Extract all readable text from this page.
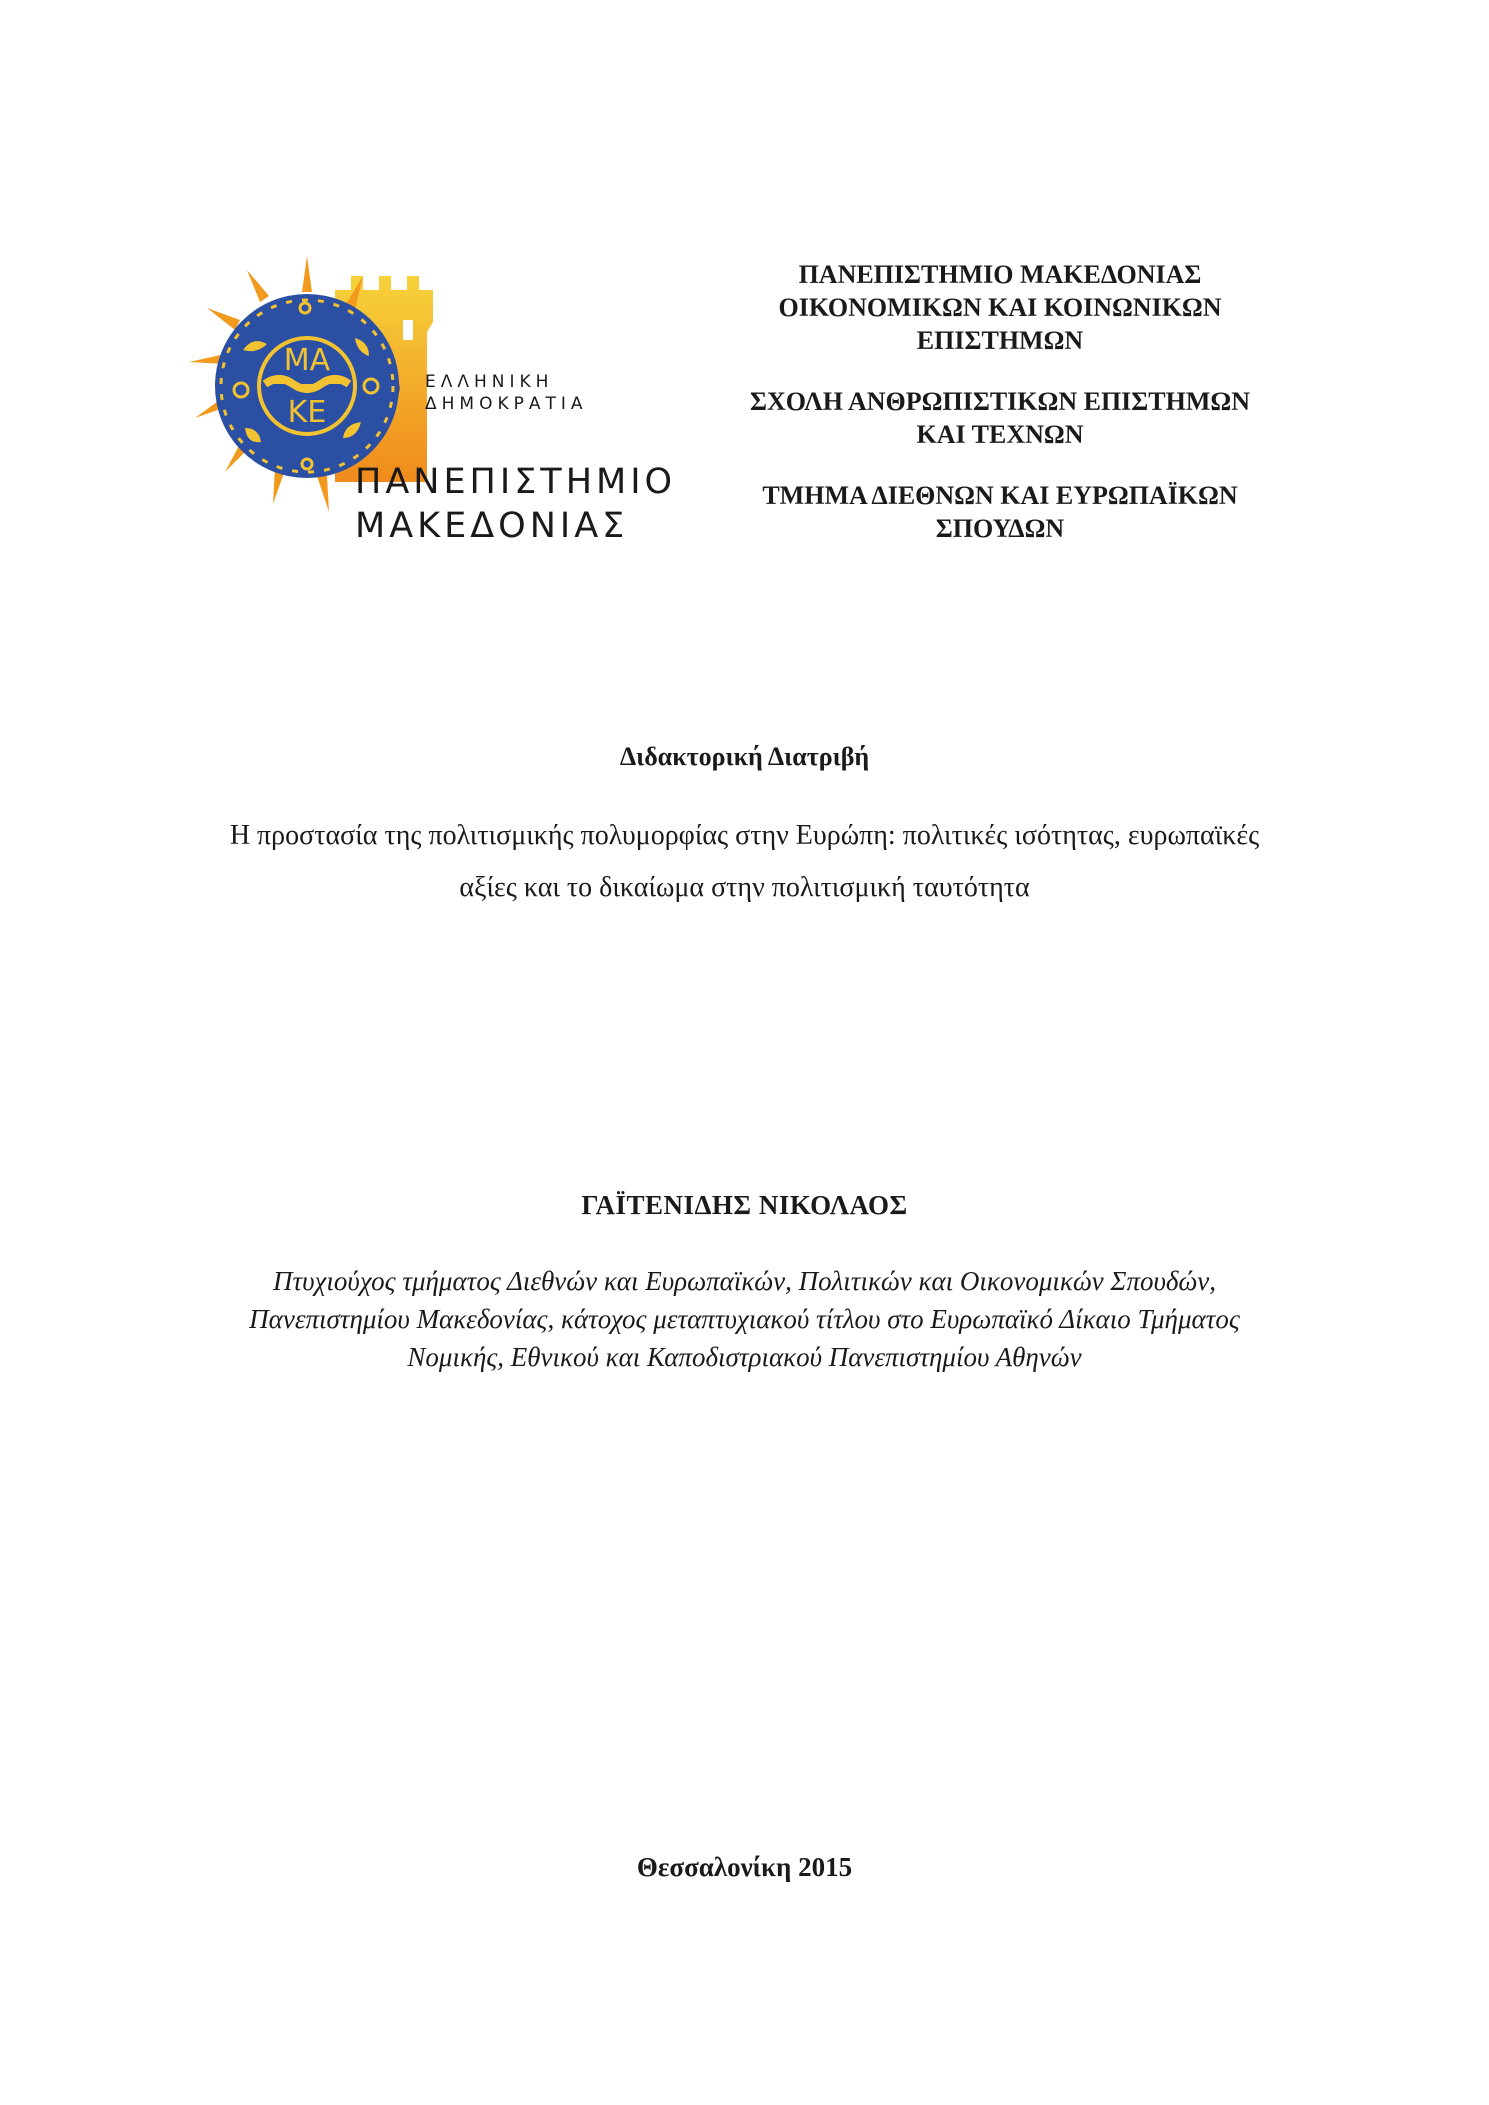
ΜΑ
ΚΕ
ΕΛΛΗΝΙΚΗ
ΔΗΜΟΚΡΑΤΙΑ
ΠΑΝΕΠΙΣΤΗΜΙΟ
ΜΑΚΕΔΟΝΙΑΣ
ΠΑΝΕΠΙΣΤΗΜΙΟ ΜΑΚΕΔΟΝΙΑΣ
ΟΙΚΟΝΟΜΙΚΩΝ ΚΑΙ ΚΟΙΝΩΝΙΚΩΝ
ΕΠΙΣΤΗΜΩΝ
ΣΧΟΛΗ ΑΝΘΡΩΠΙΣΤΙΚΩΝ ΕΠΙΣΤΗΜΩΝ
ΚΑΙ ΤΕΧΝΩΝ
ΤΜΗΜΑ ΔΙΕΘΝΩΝ ΚΑΙ ΕΥΡΩΠΑΪΚΩΝ
ΣΠΟΥΔΩΝ
Διδακτορική Διατριβή
Η προστασία της πολιτισμικής πολυμορφίας στην Ευρώπη: πολιτικές ισότητας, ευρωπαϊκές
αξίες και το δικαίωμα στην πολιτισμική ταυτότητα
ΓΑΪΤΕΝΙΔΗΣ ΝΙΚΟΛΑΟΣ
Πτυχιούχος τμήματος Διεθνών και Ευρωπαϊκών, Πολιτικών και Οικονομικών Σπουδών,
Πανεπιστημίου Μακεδονίας, κάτοχος μεταπτυχιακού τίτλου στο Ευρωπαϊκό Δίκαιο Τμήματος
Νομικής, Εθνικού και Καποδιστριακού Πανεπιστημίου Αθηνών
Θεσσαλονίκη 2015
